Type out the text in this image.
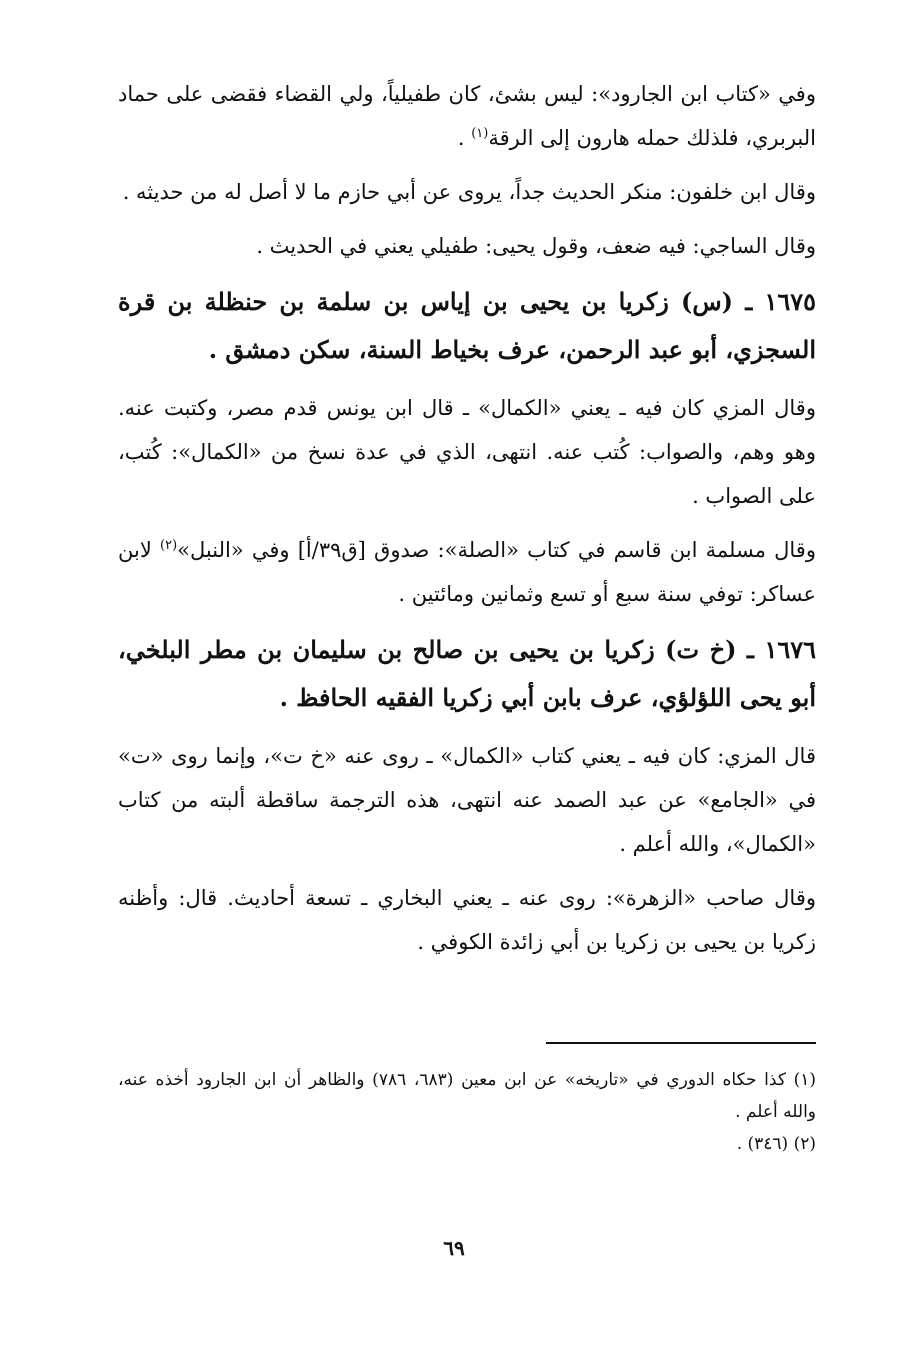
وفي «كتاب ابن الجارود»: ليس بشئ، كان طفيلياً، ولي القضاء فقضى على حماد البربري، فلذلك حمله هارون إلى الرقة$^{(١)}$ .

وقال ابن خلفون: منكر الحديث جداً، يروى عن أبي حازم ما لا أصل له من حديثه .

وقال الساجي: فيه ضعف، وقول يحيى: طفيلي يعني في الحديث .

١٦٧٥ ـ (س) زكريا بن يحيى بن إياس بن سلمة بن حنظلة بن قرة السجزي، أبو عبد الرحمن، عرف بخياط السنة، سكن دمشق .

وقال المزي كان فيه ـ يعني «الكمال» ـ قال ابن يونس قدم مصر، وكتبت عنه. وهو وهم، والصواب: كُتب عنه. انتهى، الذي في عدة نسخ من «الكمال»: كُتب، على الصواب .

وقال مسلمة ابن قاسم في كتاب «الصلة»: صدوق [ق٣٩/أ] وفي «النبل»$^{(٢)}$ لابن عساكر: توفي سنة سبع أو تسع وثمانين ومائتين .

١٦٧٦ ـ (خ ت) زكريا بن يحيى بن صالح بن سليمان بن مطر البلخي، أبو يحى اللؤلؤي، عرف بابن أبي زكريا الفقيه الحافظ .

قال المزي: كان فيه ـ يعني كتاب «الكمال» ـ روى عنه «خ ت»، وإنما روى «ت» في «الجامع» عن عبد الصمد عنه انتهى، هذه الترجمة ساقطة ألبته من كتاب «الكمال»، والله أعلم .

وقال صاحب «الزهرة»: روى عنه ـ يعني البخاري ـ تسعة أحاديث. قال: وأظنه زكريا بن يحيى بن زكريا بن أبي زائدة الكوفي .

(١) كذا حكاه الدوري في «تاريخه» عن ابن معين (٦٨٣، ٧٨٦) والظاهر أن ابن الجارود أخذه عنه، والله أعلم .

(٢) (٣٤٦) .

٦٩
